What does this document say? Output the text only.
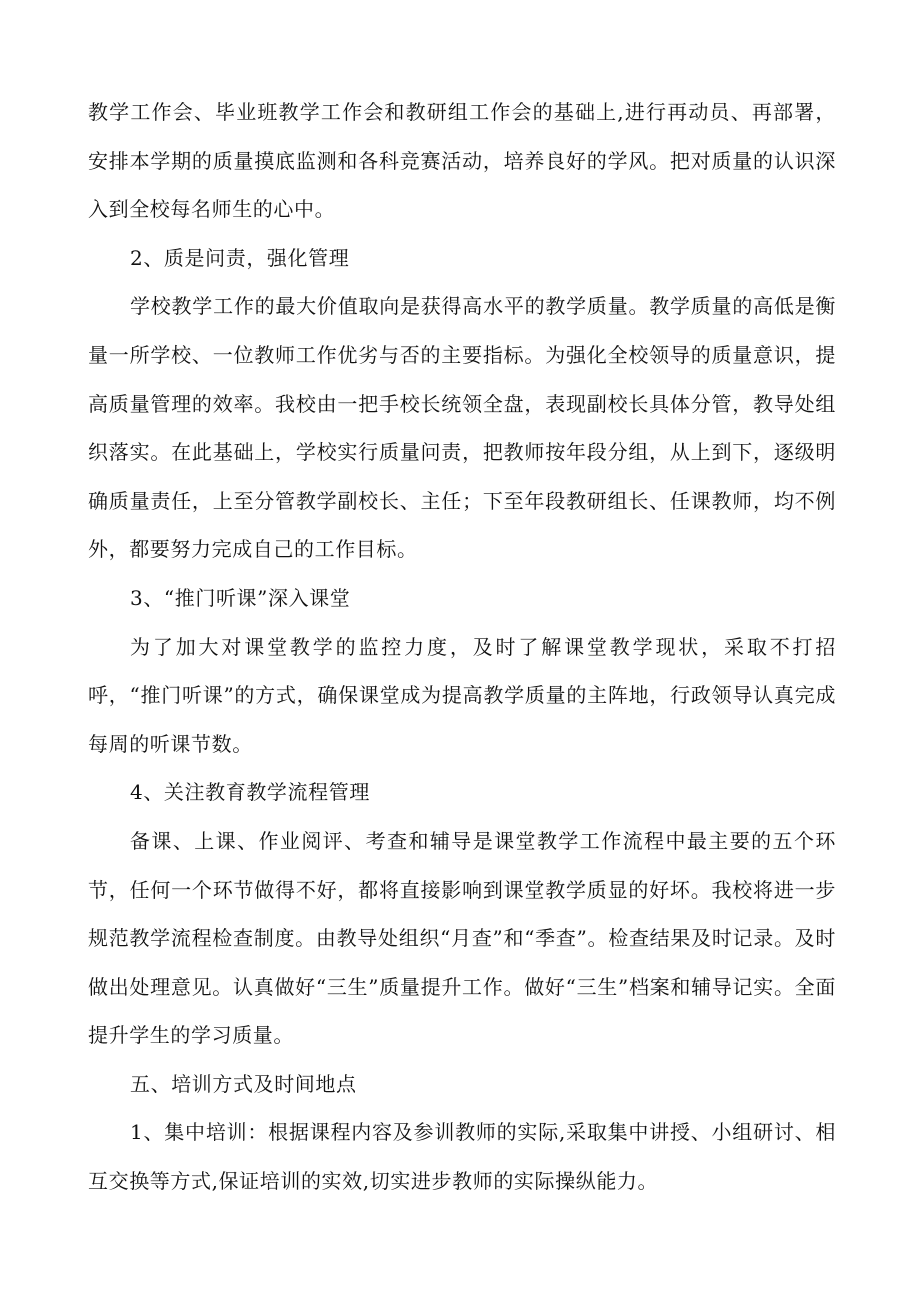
教学工作会、毕业班教学工作会和教研组工作会的基础上,进行再动员、再部署，安排本学期的质量摸底监测和各科竞赛活动，培养良好的学风。把对质量的认识深入到全校每名师生的心中。

2、质是问责，强化管理

学校教学工作的最大价值取向是获得高水平的教学质量。教学质量的高低是衡量一所学校、一位教师工作优劣与否的主要指标。为强化全校领导的质量意识，提高质量管理的效率。我校由一把手校长统领全盘，表现副校长具体分管，教导处组织落实。在此基础上，学校实行质量问责，把教师按年段分组，从上到下，逐级明确质量责任，上至分管教学副校长、主任；下至年段教研组长、任课教师，均不例外，都要努力完成自己的工作目标。

3、“推门听课”深入课堂

为了加大对课堂教学的监控力度，及时了解课堂教学现状，采取不打招呼，“推门听课”的方式，确保课堂成为提高教学质量的主阵地，行政领导认真完成每周的听课节数。

4、关注教育教学流程管理

备课、上课、作业阅评、考查和辅导是课堂教学工作流程中最主要的五个环节，任何一个环节做得不好，都将直接影响到课堂教学质显的好坏。我校将进一步规范教学流程检查制度。由教导处组织“月查”和“季查”。检查结果及时记录。及时做出处理意见。认真做好“三生”质量提升工作。做好“三生”档案和辅导记实。全面提升学生的学习质量。

五、培训方式及时间地点

1、集中培训：根据课程内容及参训教师的实际,采取集中讲授、小组研讨、相互交换等方式,保证培训的实效,切实进步教师的实际操纵能力。
